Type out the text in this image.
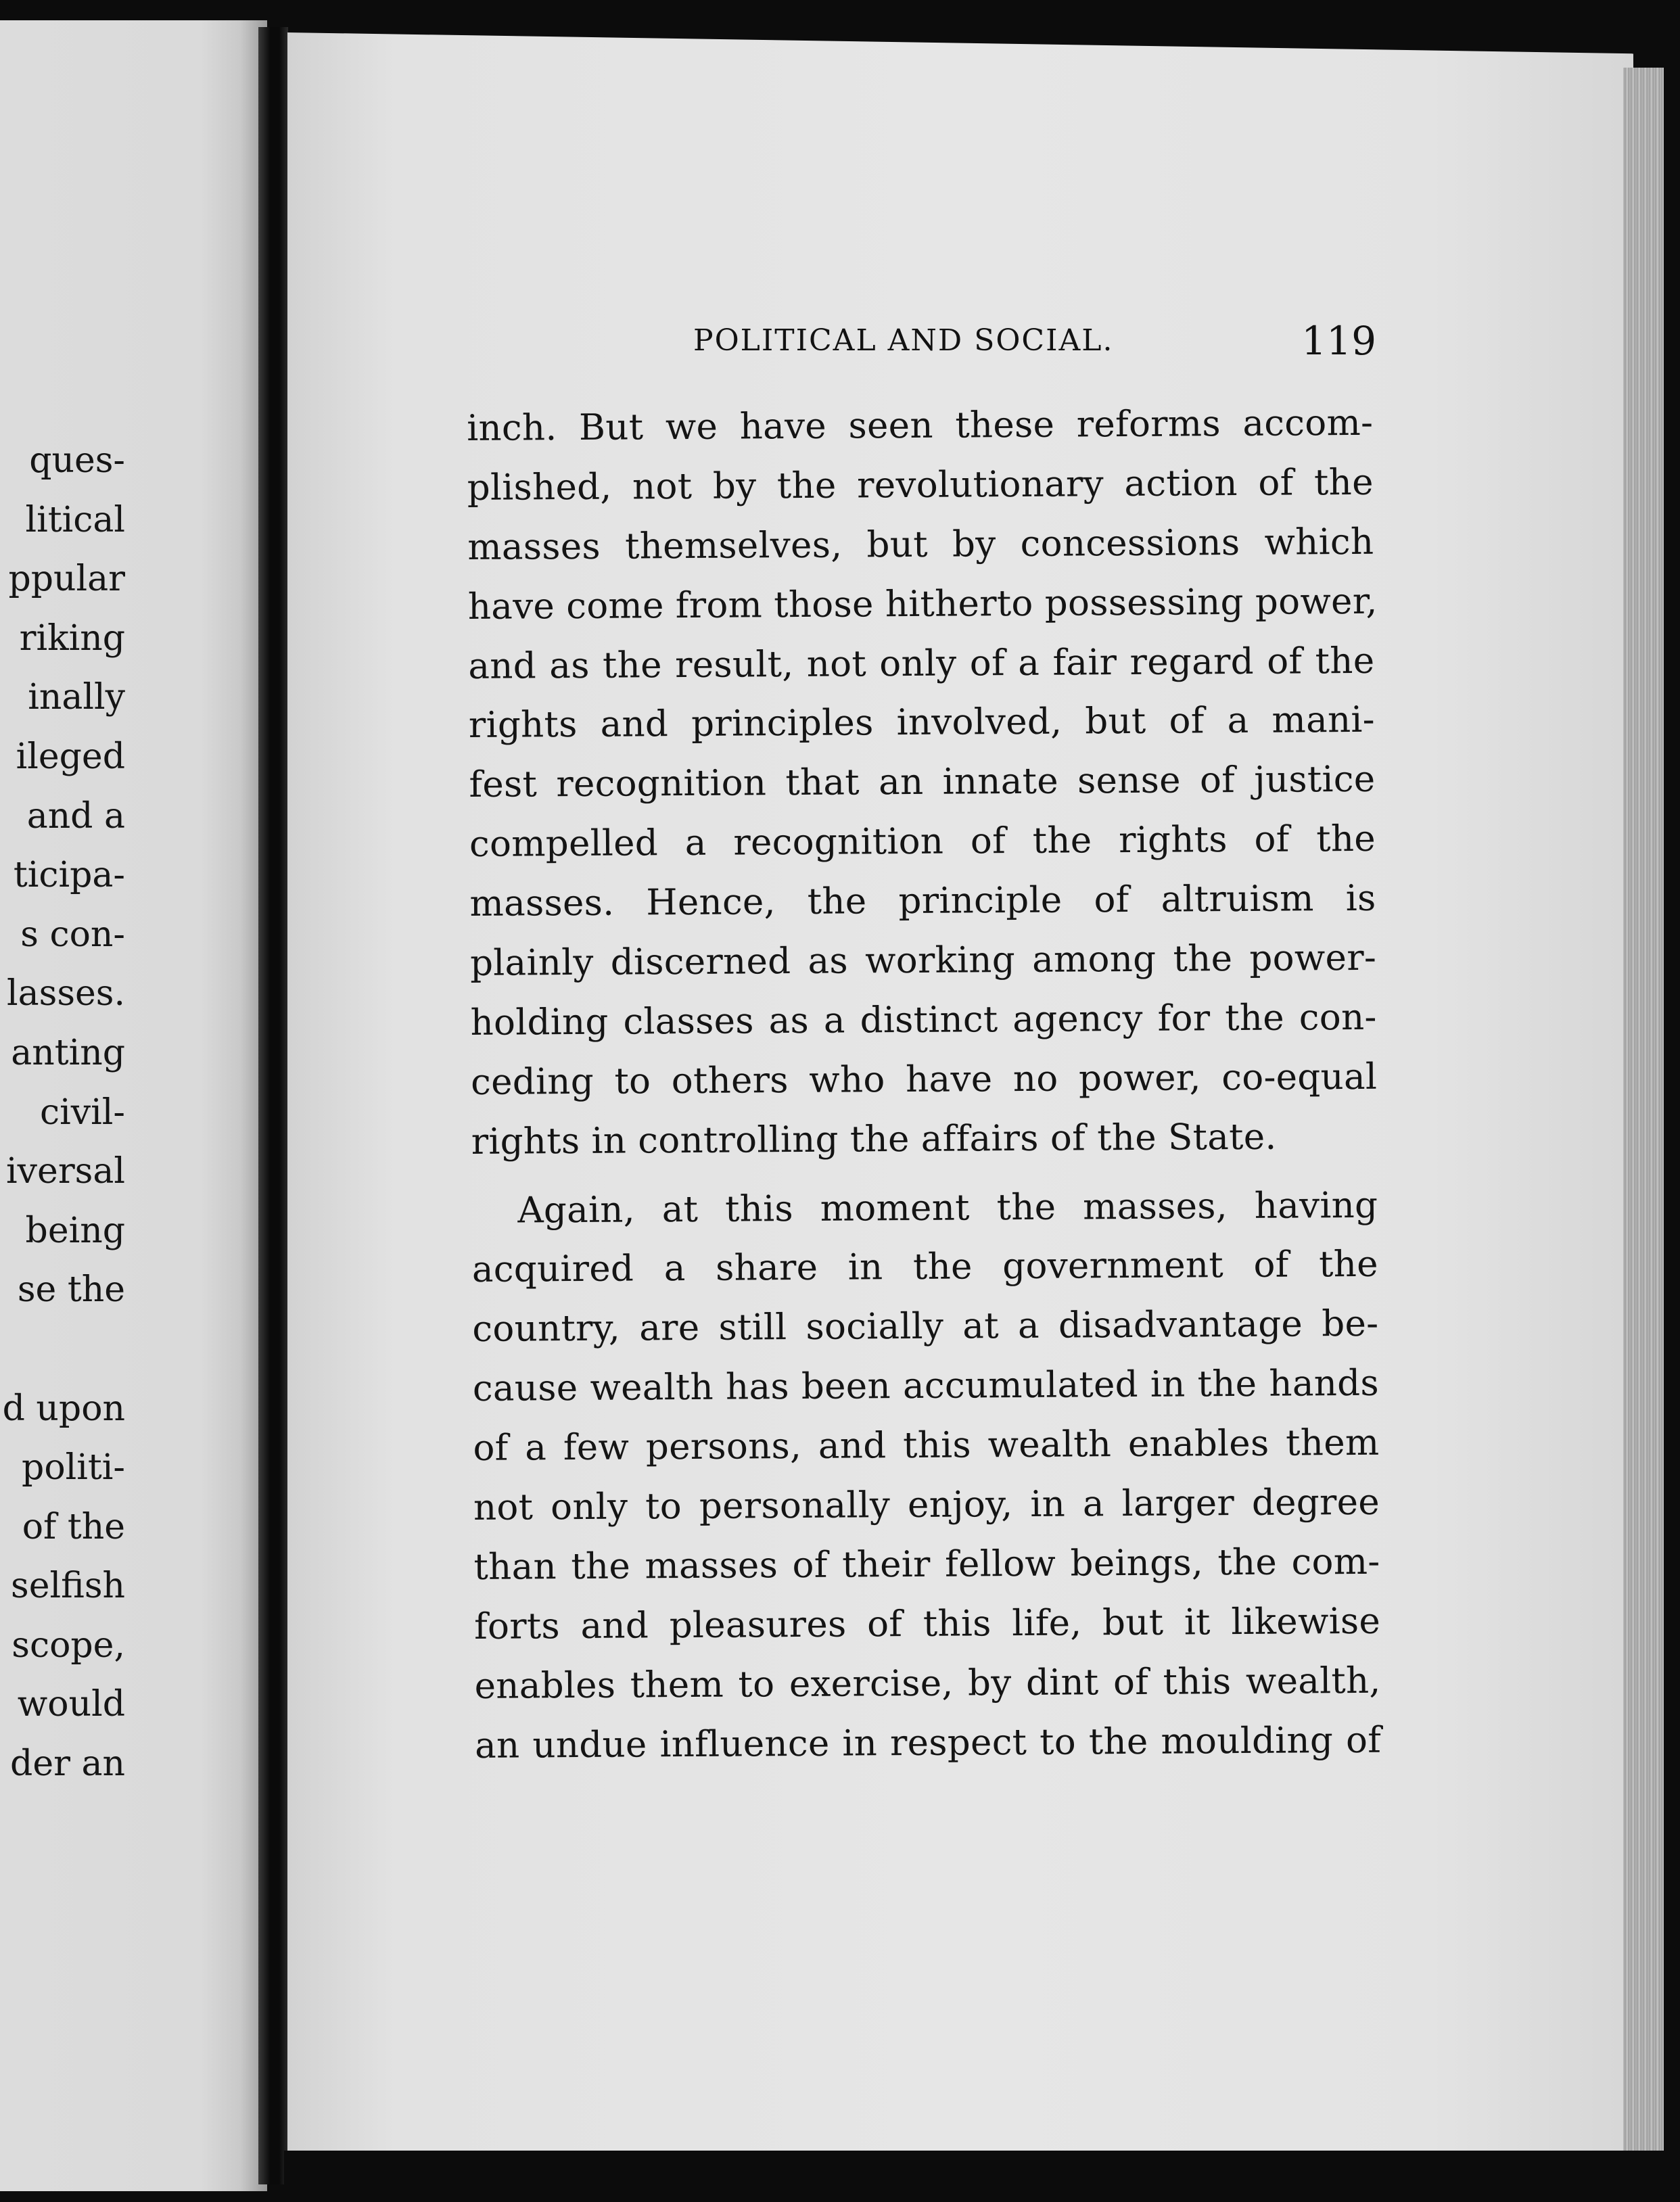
ques-
litical
ppular
riking
inally
ileged
and a
ticipa-
s con-
lasses.
anting
civil-
iversal
being
se the
d upon
politi-
of the
selfish
scope,
would
der an
POLITICAL AND SOCIAL.	119
inch. But we have seen these reforms accom-
plished, not by the revolutionary action of the
masses themselves, but by concessions which
have come from those hitherto possessing power,
and as the result, not only of a fair regard of the
rights and principles involved, but of a mani-
fest recognition that an innate sense of justice
compelled a recognition of the rights of the
masses. Hence, the principle of altruism is
plainly discerned as working among the power-
holding classes as a distinct agency for the con-
ceding to others who have no power, co-equal
rights in controlling the affairs of the State.
Again, at this moment the masses, having
acquired a share in the government of the
country, are still socially at a disadvantage be-
cause wealth has been accumulated in the hands
of a few persons, and this wealth enables them
not only to personally enjoy, in a larger degree
than the masses of their fellow beings, the com-
forts and pleasures of this life, but it likewise
enables them to exercise, by dint of this wealth,
an undue influence in respect to the moulding of
